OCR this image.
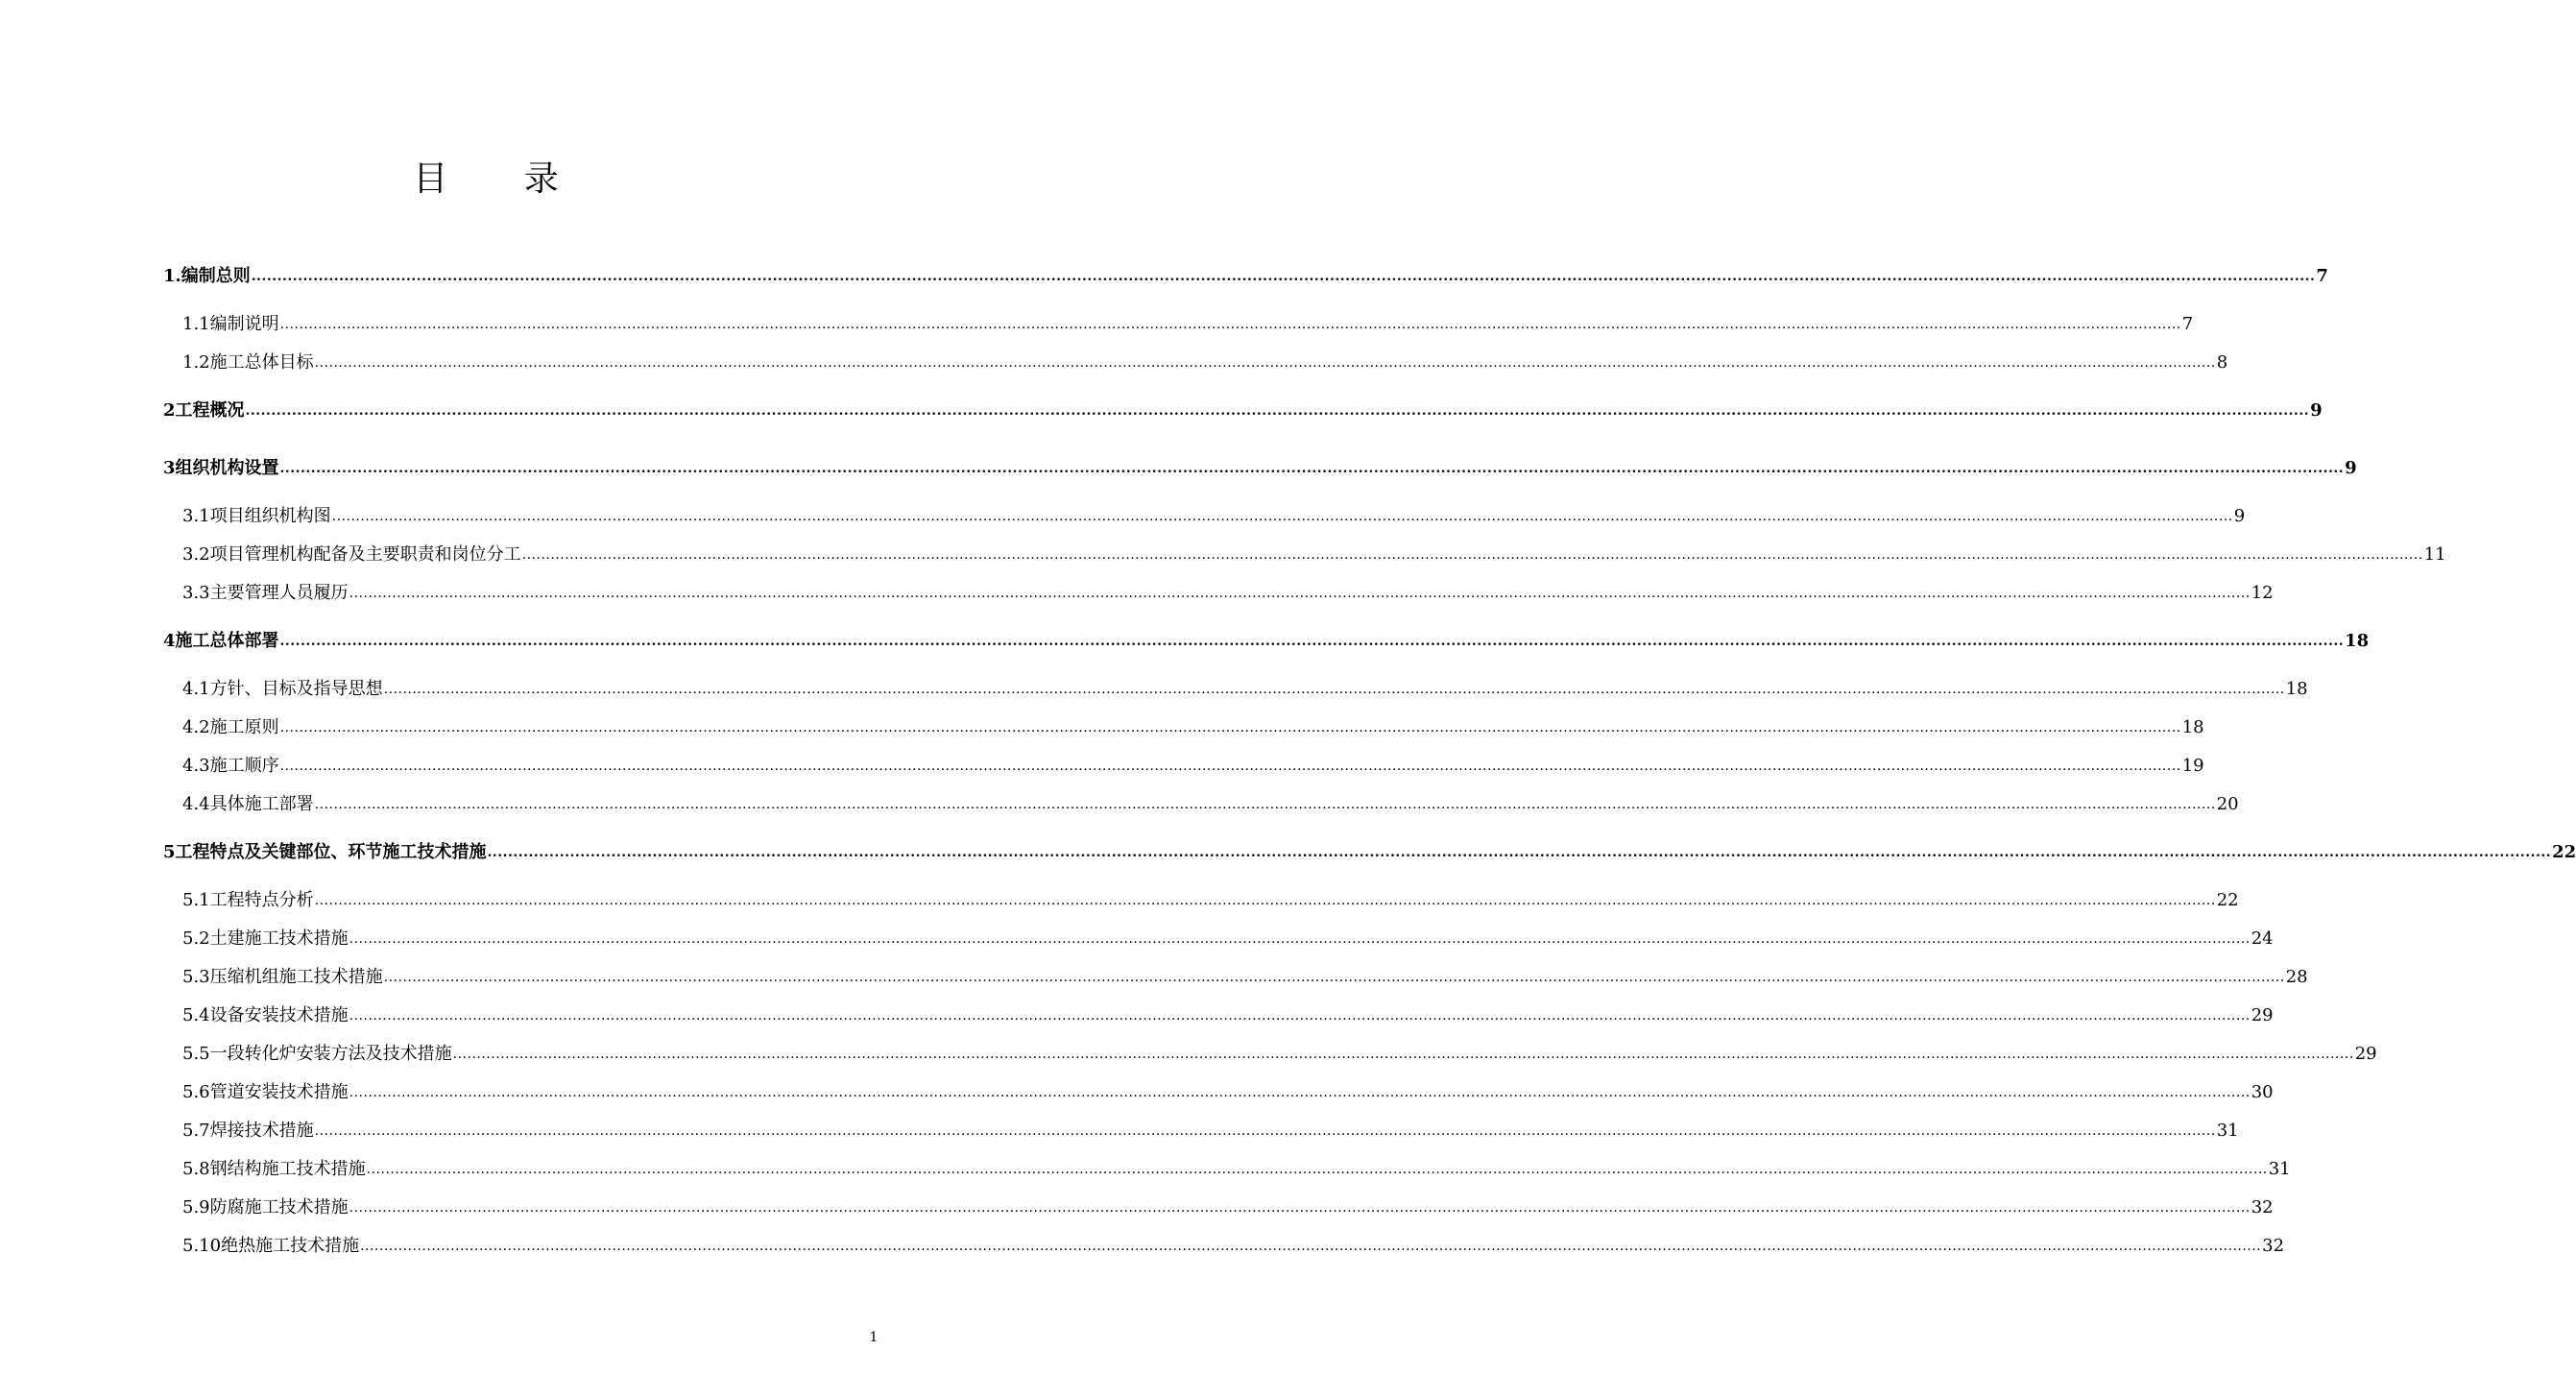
目 录
1. 编制总则 ................................................................................................................................................................................................................................................................................................................................................................................................................ 7
1.1 编制说明 ................................................................................................................................................................................................................................................................................................................................................................................................................ 7
1.2 施工总体目标 ................................................................................................................................................................................................................................................................................................................................................................................................................ 8
2 工程概况 ................................................................................................................................................................................................................................................................................................................................................................................................................ 9
3 组织机构设置 ................................................................................................................................................................................................................................................................................................................................................................................................................ 9
3.1 项目组织机构图 ................................................................................................................................................................................................................................................................................................................................................................................................................ 9
3.2 项目管理机构配备及主要职责和岗位分工 ................................................................................................................................................................................................................................................................................................................................................................................................................ 11
3.3 主要管理人员履历 ................................................................................................................................................................................................................................................................................................................................................................................................................ 12
4 施工总体部署 ................................................................................................................................................................................................................................................................................................................................................................................................................ 18
4.1 方针、目标及指导思想 ................................................................................................................................................................................................................................................................................................................................................................................................................ 18
4.2 施工原则 ................................................................................................................................................................................................................................................................................................................................................................................................................ 18
4.3 施工顺序 ................................................................................................................................................................................................................................................................................................................................................................................................................ 19
4.4 具体施工部署 ................................................................................................................................................................................................................................................................................................................................................................................................................ 20
5 工程特点及关键部位、环节施工技术措施 ................................................................................................................................................................................................................................................................................................................................................................................................................ 22
5.1 工程特点分析 ................................................................................................................................................................................................................................................................................................................................................................................................................ 22
5.2 土建施工技术措施 ................................................................................................................................................................................................................................................................................................................................................................................................................ 24
5.3 压缩机组施工技术措施 ................................................................................................................................................................................................................................................................................................................................................................................................................ 28
5.4 设备安装技术措施 ................................................................................................................................................................................................................................................................................................................................................................................................................ 29
5.5 一段转化炉安装方法及技术措施 ................................................................................................................................................................................................................................................................................................................................................................................................................ 29
5.6 管道安装技术措施 ................................................................................................................................................................................................................................................................................................................................................................................................................ 30
5.7 焊接技术措施 ................................................................................................................................................................................................................................................................................................................................................................................................................ 31
5.8 钢结构施工技术措施 ................................................................................................................................................................................................................................................................................................................................................................................................................ 31
5.9 防腐施工技术措施 ................................................................................................................................................................................................................................................................................................................................................................................................................ 32
5.10 绝热施工技术措施 ................................................................................................................................................................................................................................................................................................................................................................................................................ 32
1
